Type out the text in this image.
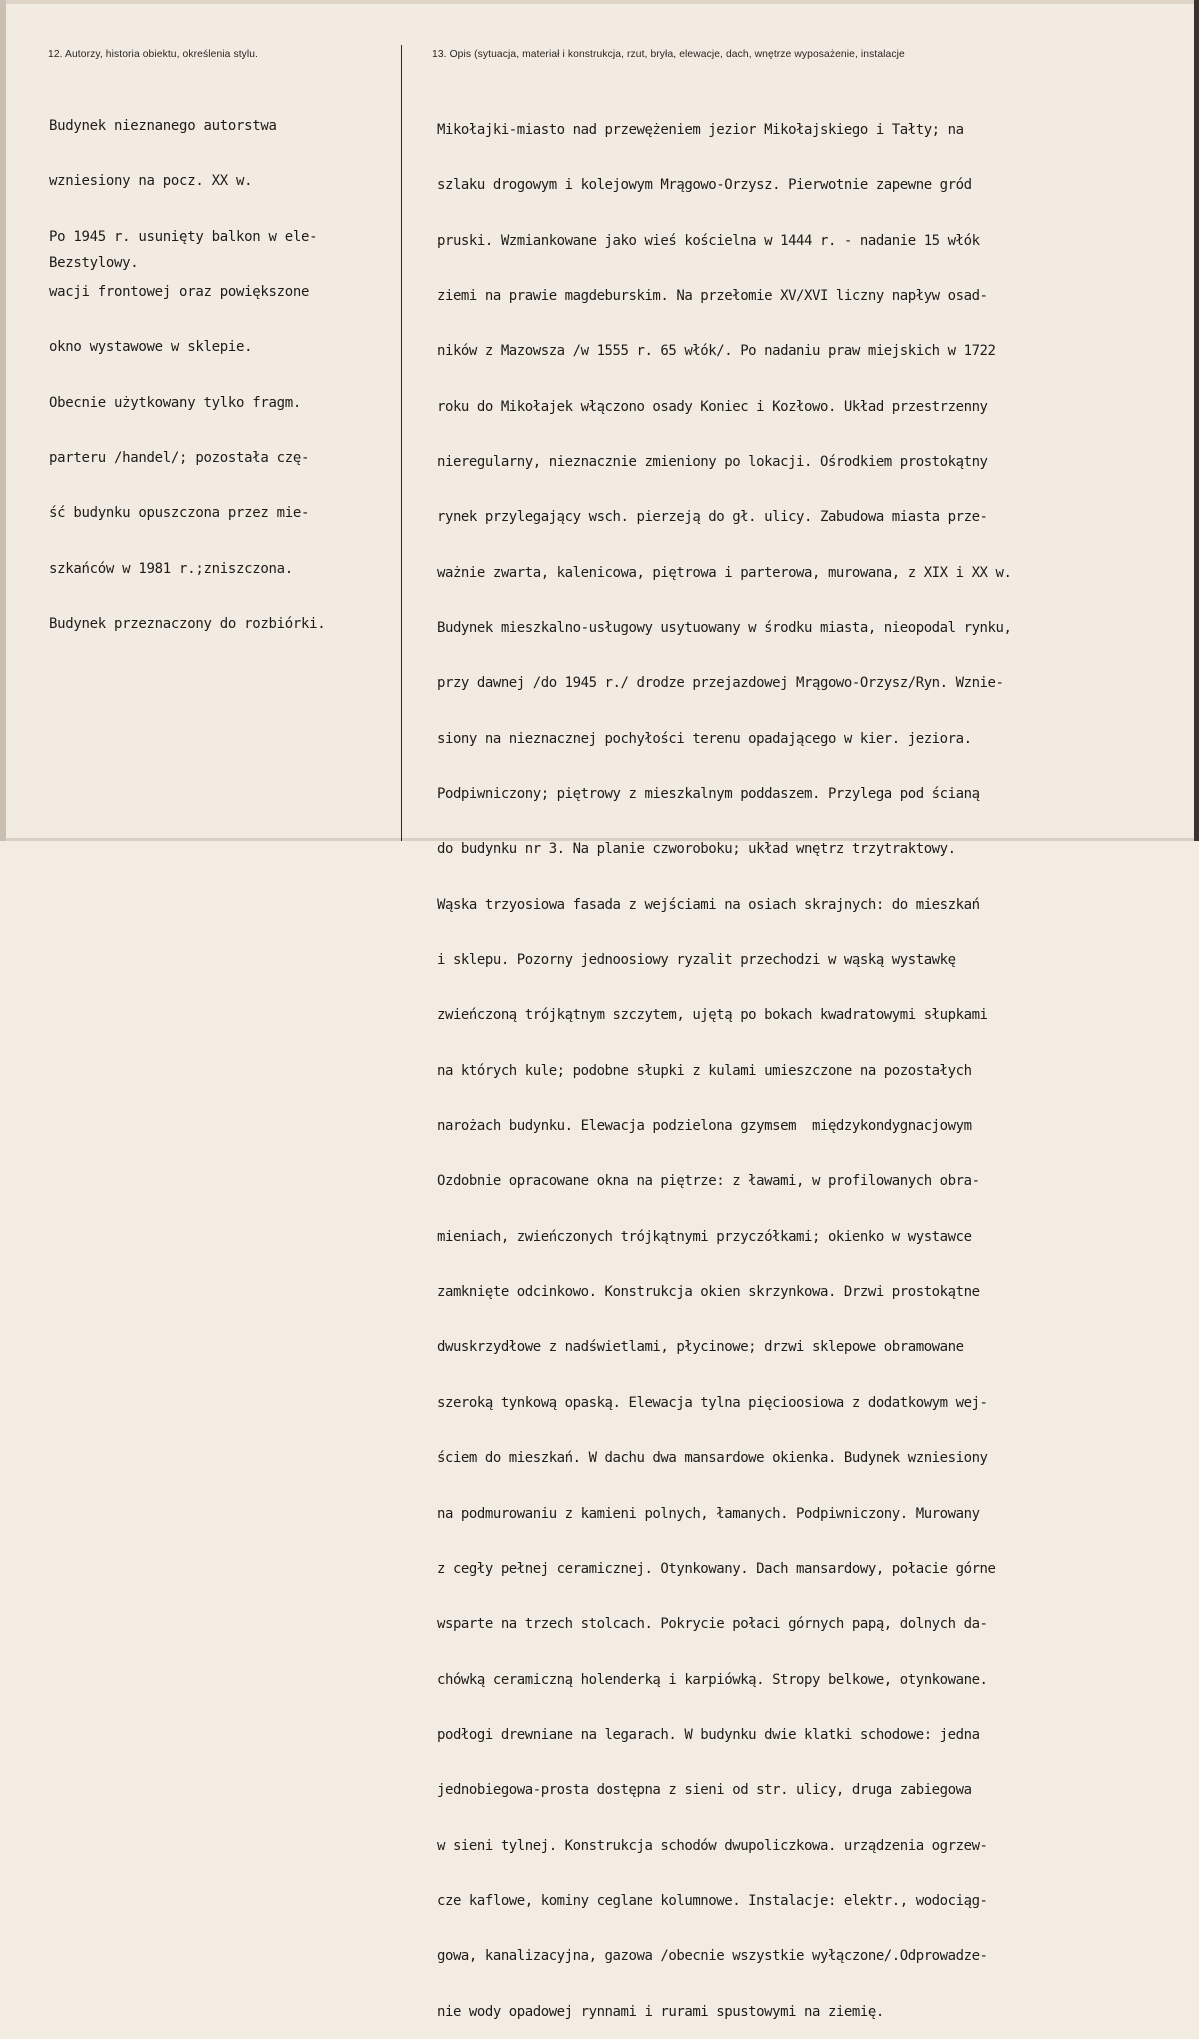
12. Autorzy, historia obiektu, określenia stylu.	13. Opis (sytuacja, materiał i konstrukcja, rzut, bryła, elewacje, dach, wnętrze wyposażenie, instalacje

Budynek nieznanego autorstwa

wzniesiony na pocz. XX w.

Po 1945 r. usunięty balkon w ele-

wacji frontowej oraz powiększone

okno wystawowe w sklepie.

Obecnie użytkowany tylko fragm.

parteru /handel/; pozostała czę-

ść budynku opuszczona przez mie-

szkańców w 1981 r.;zniszczona.

Budynek przeznaczony do rozbiórki.

Bezstylowy.

Mikołajki-miasto nad przewężeniem jezior Mikołajskiego i Tałty; na

szlaku drogowym i kolejowym Mrągowo-Orzysz. Pierwotnie zapewne gród

pruski. Wzmiankowane jako wieś kościelna w 1444 r. - nadanie 15 włók

ziemi na prawie magdeburskim. Na przełomie XV/XVI liczny napływ osad-

ników z Mazowsza /w 1555 r. 65 włók/. Po nadaniu praw miejskich w 1722

roku do Mikołajek włączono osady Koniec i Kozłowo. Układ przestrzenny

nieregularny, nieznacznie zmieniony po lokacji. Ośrodkiem prostokątny

rynek przylegający wsch. pierzeją do gł. ulicy. Zabudowa miasta prze-

ważnie zwarta, kalenicowa, piętrowa i parterowa, murowana, z XIX i XX w.

Budynek mieszkalno-usługowy usytuowany w środku miasta, nieopodal rynku,

przy dawnej /do 1945 r./ drodze przejazdowej Mrągowo-Orzysz/Ryn. Wznie-

siony na nieznacznej pochyłości terenu opadającego w kier. jeziora.

Podpiwniczony; piętrowy z mieszkalnym poddaszem. Przylega pod ścianą

do budynku nr 3. Na planie czworoboku; układ wnętrz trzytraktowy.

Wąska trzyosiowa fasada z wejściami na osiach skrajnych: do mieszkań

i sklepu. Pozorny jednoosiowy ryzalit przechodzi w wąską wystawkę

zwieńczoną trójkątnym szczytem, ujętą po bokach kwadratowymi słupkami

na których kule; podobne słupki z kulami umieszczone na pozostałych

narożach budynku. Elewacja podzielona gzymsem  międzykondygnacjowym

Ozdobnie opracowane okna na piętrze: z ławami, w profilowanych obra-

mieniach, zwieńczonych trójkątnymi przyczółkami; okienko w wystawce

zamknięte odcinkowo. Konstrukcja okien skrzynkowa. Drzwi prostokątne

dwuskrzydłowe z nadświetlami, płycinowe; drzwi sklepowe obramowane

szeroką tynkową opaską. Elewacja tylna pięcioosiowa z dodatkowym wej-

ściem do mieszkań. W dachu dwa mansardowe okienka. Budynek wzniesiony

na podmurowaniu z kamieni polnych, łamanych. Podpiwniczony. Murowany

z cegły pełnej ceramicznej. Otynkowany. Dach mansardowy, połacie górne

wsparte na trzech stolcach. Pokrycie połaci górnych papą, dolnych da-

chówką ceramiczną holenderką i karpiówką. Stropy belkowe, otynkowane.

podłogi drewniane na legarach. W budynku dwie klatki schodowe: jedna

jednobiegowa-prosta dostępna z sieni od str. ulicy, druga zabiegowa

w sieni tylnej. Konstrukcja schodów dwupoliczkowa. urządzenia ogrzew-

cze kaflowe, kominy ceglane kolumnowe. Instalacje: elektr., wodociąg-

gowa, kanalizacyjna, gazowa /obecnie wszystkie wyłączone/.Odprowadze-

nie wody opadowej rynnami i rurami spustowymi na ziemię.
